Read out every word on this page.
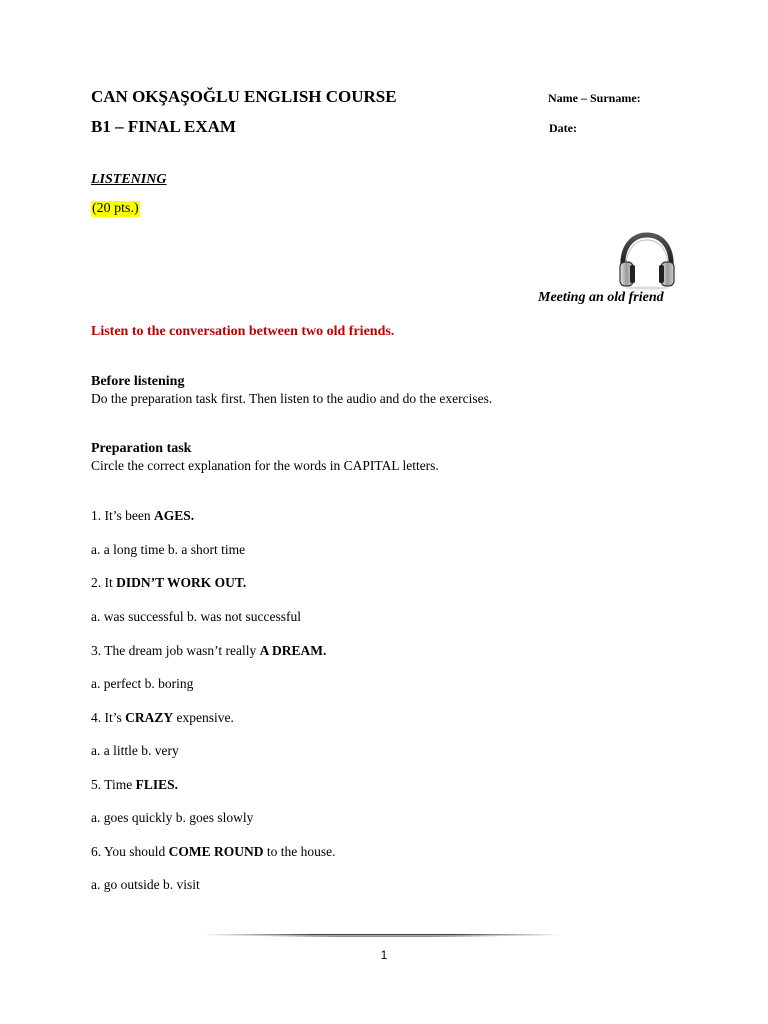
CAN OKŞAŞOĞLU ENGLISH COURSE
B1 – FINAL EXAM
Name – Surname:
Date:
LISTENING
(20 pts.)
Meeting an old friend
Listen to the conversation between two old friends.
Before listening
Do the preparation task first. Then listen to the audio and do the exercises.
Preparation task
Circle the correct explanation for the words in CAPITAL letters.
1. It’s been AGES.
a. a long time b. a short time
2. It DIDN’T WORK OUT.
a. was successful b. was not successful
3. The dream job wasn’t really A DREAM.
a. perfect b. boring
4. It’s CRAZY expensive.
a. a little b. very
5. Time FLIES.
a. goes quickly b. goes slowly
6. You should COME ROUND to the house.
a. go outside b. visit
1
